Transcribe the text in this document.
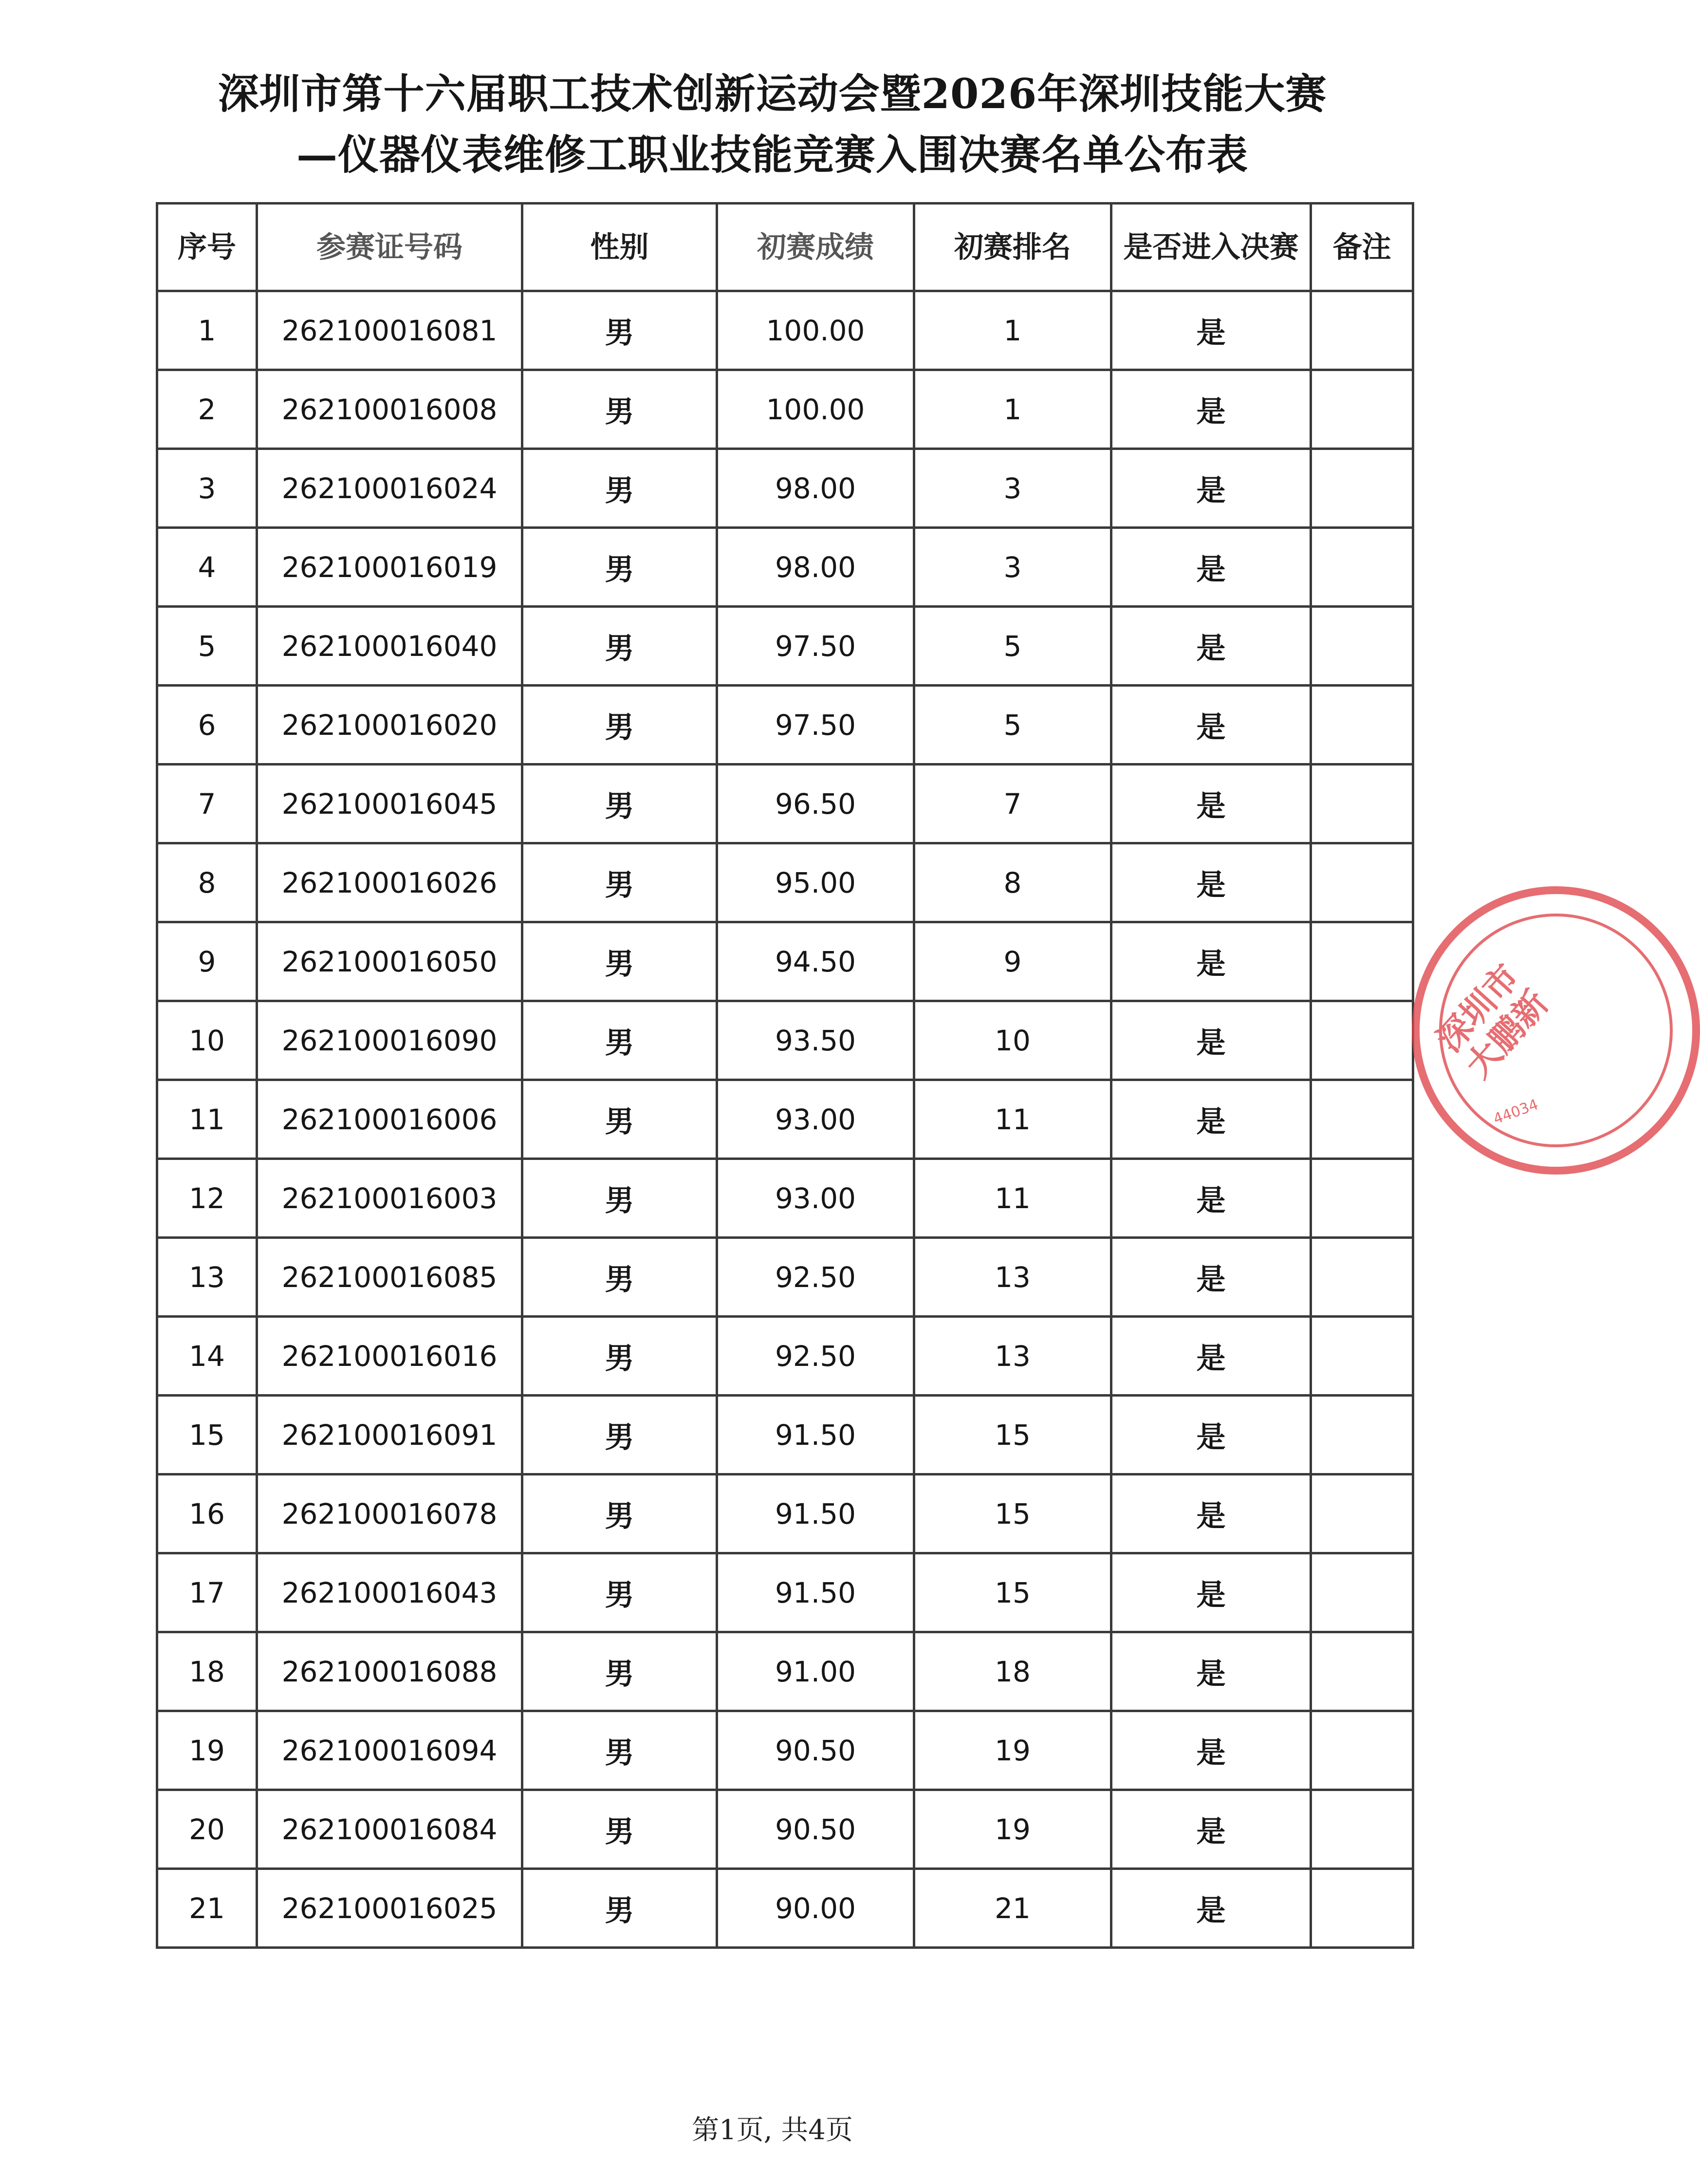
深圳市第十六届职工技术创新运动会暨2026年深圳技能大赛
—仪器仪表维修工职业技能竞赛入围决赛名单公布表
序号	参赛证号码	性别	初赛成绩	初赛排名	是否进入决赛	备注
1	262100016081	男	100.00	1	是	
2	262100016008	男	100.00	1	是	
3	262100016024	男	98.00	3	是	
4	262100016019	男	98.00	3	是	
5	262100016040	男	97.50	5	是	
6	262100016020	男	97.50	5	是	
7	262100016045	男	96.50	7	是	
8	262100016026	男	95.00	8	是	
9	262100016050	男	94.50	9	是	
10	262100016090	男	93.50	10	是	
11	262100016006	男	93.00	11	是	
12	262100016003	男	93.00	11	是	
13	262100016085	男	92.50	13	是	
14	262100016016	男	92.50	13	是	
15	262100016091	男	91.50	15	是	
16	262100016078	男	91.50	15	是	
17	262100016043	男	91.50	15	是	
18	262100016088	男	91.00	18	是	
19	262100016094	男	90.50	19	是	
20	262100016084	男	90.50	19	是	
21	262100016025	男	90.00	21	是	
深圳市大鹏新
44034
第1页, 共4页
